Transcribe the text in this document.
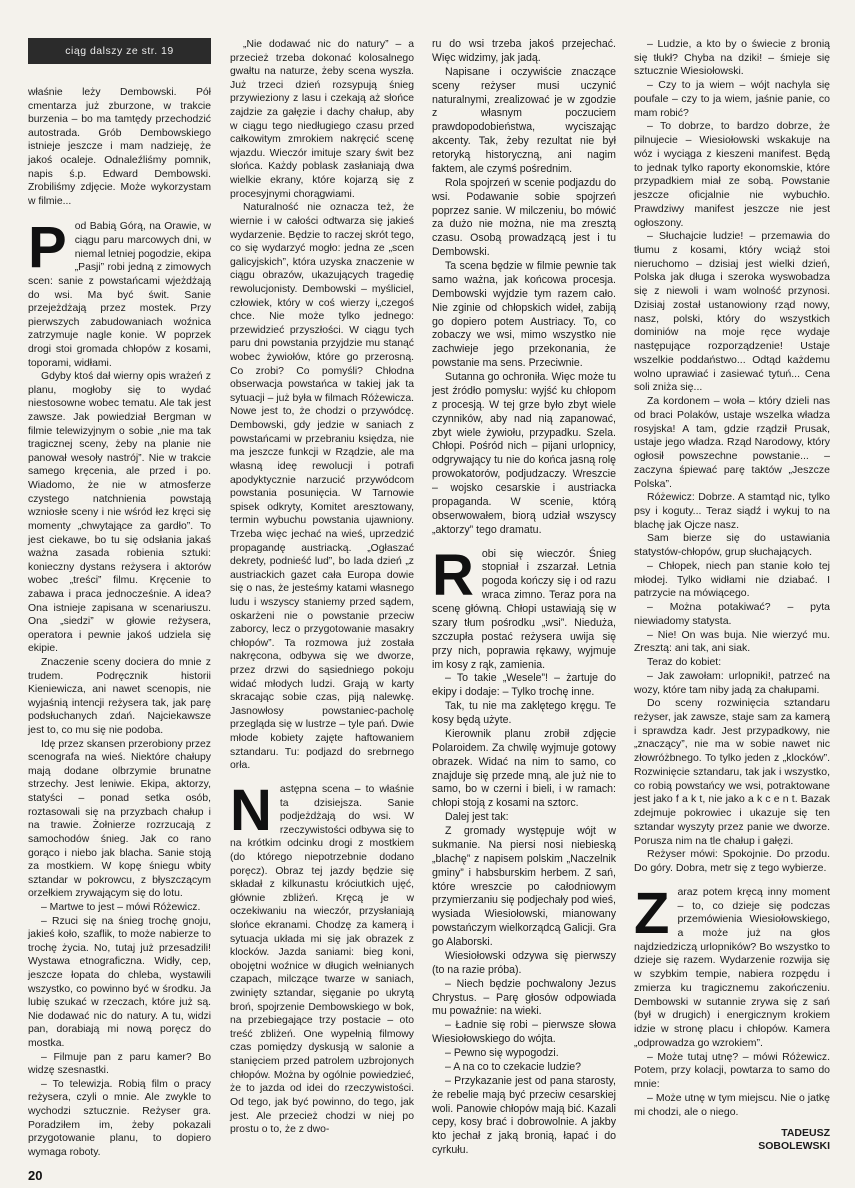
ciąg dalszy ze str. 19

właśnie leży Dembowski. Pół cmentarza już zburzone, w trakcie burzenia – bo ma tamtędy przechodzić autostrada. Grób Dembowskiego istnieje jeszcze i mam nadzieję, że jakoś ocaleje. Odnaleźliśmy pomnik, napis ś.p. Edward Dembowski. Zrobiliśmy zdjęcie. Może wykorzystam w filmie...

Pod Babią Górą, na Orawie, w ciągu paru marcowych dni, w niemal letniej pogodzie, ekipa „Pasji” robi jedną z zimowych scen: sanie z powstańcami wjeżdżają do wsi. Ma być świt. Sanie przejeżdżają przez mostek. Przy pierwszych zabudowaniach woźnica zatrzymuje nagle konie. W poprzek drogi stoi gromada chłopów z kosami, toporami, widłami.

Gdyby ktoś dał wierny opis wrażeń z planu, mogłoby się to wydać niestosowne wobec tematu. Ale tak jest zawsze. Jak powiedział Bergman w filmie telewizyjnym o sobie „nie ma tak tragicznej sceny, żeby na planie nie panował wesoły nastrój”. Nie w trakcie samego kręcenia, ale przed i po. Wiadomo, że nie w atmosferze czystego natchnienia powstają wzniosłe sceny i nie wśród łez kręci się momenty „chwytające za gardło”. To jest ciekawe, bo tu się odsłania jakaś ważna zasada robienia sztuki: konieczny dystans reżysera i aktorów wobec „treści” filmu. Kręcenie to zabawa i praca jednocześnie. A idea? Ona istnieje zapisana w scenariuszu. Ona „siedzi” w głowie reżysera, operatora i pewnie jakoś udziela się ekipie.

Znaczenie sceny dociera do mnie z trudem. Podręcznik historii Kieniewicza, ani nawet scenopis, nie wyjaśnią intencji reżysera tak, jak parę podsłuchanych zdań. Najciekawsze jest to, co mu się nie podoba.

Idę przez skansen przerobiony przez scenografa na wieś. Niektóre chałupy mają dodane olbrzymie brunatne strzechy. Jest leniwie. Ekipa, aktorzy, statyści – ponad setka osób, roztasowali się na przyzbach chałup i na trawie. Żołnierze rozrzucają z samochodów śnieg. Jak co rano gorąco i niebo jak blacha. Sanie stoją za mostkiem. W kopę śniegu wbity sztandar w pokrowcu, z błyszczącym orzełkiem zrywającym się do lotu.

– Martwe to jest – mówi Różewicz.

– Rzuci się na śnieg trochę gnoju, jakieś koło, szaflik, to może nabierze to trochę życia. No, tutaj już przesadzili! Wystawa etnograficzna. Widły, cep, jeszcze łopata do chleba, wystawili wszystko, co powinno być w środku. Ja lubię szukać w rzeczach, które już są. Nie dodawać nic do natury. A tu, widzi pan, dorabiają mi nową poręcz do mostka.

– Filmuje pan z paru kamer? Bo widzę szesnastki.

– To telewizja. Robią film o pracy reżysera, czyli o mnie. Ale zwykle to wychodzi sztucznie. Reżyser gra. Poradziłem im, żeby pokazali przygotowanie planu, to dopiero wymaga roboty.

„Nie dodawać nic do natury” – a przecież trzeba dokonać kolosalnego gwałtu na naturze, żeby scena wyszła. Już trzeci dzień rozsypują śnieg przywieziony z lasu i czekają aż słońce zajdzie za gałęzie i dachy chałup, aby w ciągu tego niedługiego czasu przed całkowitym zmrokiem nakręcić scenę wjazdu. Wieczór imituje szary świt bez słońca. Każdy poblask zasłaniają dwa wielkie ekrany, które kojarzą się z procesyjnymi chorągwiami.

Naturalność nie oznacza też, że wiernie i w całości odtwarza się jakieś wydarzenie. Będzie to raczej skrót tego, co się wydarzyć mogło: jedna ze „scen galicyjskich”, która uzyska znaczenie w ciągu obrazów, ukazujących tragedię rewolucjonisty. Dembowski – myśliciel, człowiek, który w coś wierzy i„czegoś chce. Nie może tylko jednego: przewidzieć przyszłości. W ciągu tych paru dni powstania przyjdzie mu stanąć wobec żywiołów, które go przerosną. Co zrobi? Co pomyśli? Chłodna obserwacja powstańca w takiej jak ta sytuacji – już była w filmach Różewicza. Nowe jest to, że chodzi o przywódcę. Dembowski, gdy jedzie w saniach z powstańcami w przebraniu księdza, nie ma jeszcze funkcji w Rządzie, ale ma własną ideę rewolucji i potrafi apodyktycznie narzucić przywódcom powstania posunięcia. W Tarnowie spisek odkryty, Komitet aresztowany, termin wybuchu powstania ujawniony. Trzeba więc jechać na wieś, uprzedzić propagandę austriacką. „Ogłaszać dekrety, podnieść lud”, bo lada dzień „z austriackich gazet cała Europa dowie się o nas, że jesteśmy katami własnego ludu i wszyscy staniemy przed sądem, oskarżeni nie o powstanie przeciw zaborcy, lecz o przygotowanie masakry chłopów”. Ta rozmowa już została nakręcona, odbywa się we dworze, przez drzwi do sąsiedniego pokoju widać młodych ludzi. Grają w karty skracając sobie czas, piją nalewkę. Jasnowłosy powstaniec-pacholę przegląda się w lustrze – tyle pań. Dwie młode kobiety zajęte haftowaniem sztandaru. Tu: podjazd do srebrnego orła.

Następna scena – to właśnie ta dzisiejsza. Sanie podjeżdżają do wsi. W rzeczywistości odbywa się to na krótkim odcinku drogi z mostkiem (do którego niepotrzebnie dodano poręcz). Obraz tej jazdy będzie się składał z kilkunastu króciutkich ujęć, głównie zbliżeń. Kręcą je w oczekiwaniu na wieczór, przysłaniają słońce ekranami. Chodzę za kamerą i sytuacja układa mi się jak obrazek z klocków. Jazda saniami: bieg koni, obojętni woźnice w długich wełnianych czapach, milczące twarze w saniach, zwinięty sztandar, sięganie po ukrytą broń, spojrzenie Dembowskiego w bok, na przebiegające trzy postacie – oto treść zbliżeń. One wypełnią filmowy czas pomiędzy dyskusją w salonie a stanięciem przed patrolem uzbrojonych chłopów. Można by ogólnie powiedzieć, że to jazda od idei do rzeczywistości. Od tego, jak być powinno, do tego, jak jest. Ale przecież chodzi w niej po prostu o to, że z dwo-

ru do wsi trzeba jakoś przejechać. Więc widzimy, jak jadą.

Napisane i oczywiście znaczące sceny reżyser musi uczynić naturalnymi, zrealizować je w zgodzie z własnym poczuciem prawdopodobieństwa, wyciszając akcenty. Tak, żeby rezultat nie był retoryką historyczną, ani nagim faktem, ale czymś pośrednim.

Rola spojrzeń w scenie podjazdu do wsi. Podawanie sobie spojrzeń poprzez sanie. W milczeniu, bo mówić za dużo nie można, nie ma zresztą czasu. Osobą prowadzącą jest i tu Dembowski.

Ta scena będzie w filmie pewnie tak samo ważna, jak końcowa procesja. Dembowski wyjdzie tym razem cało. Nie zginie od chłopskich wideł, zabiją go dopiero potem Austriacy. To, co zobaczy we wsi, mimo wszystko nie zachwieje jego przekonania, że powstanie ma sens. Przeciwnie.

Sutanna go ochroniła. Więc może tu jest źródło pomysłu: wyjść ku chłopom z procesją. W tej grze było zbyt wiele czynników, aby nad nią zapanować, zbyt wiele żywiołu, przypadku. Szela. Chłopi. Pośród nich – pijani urlopnicy, odgrywający tu nie do końca jasną rolę prowokatorów, podjudzaczy. Wreszcie – wojsko cesarskie i austriacka propaganda. W scenie, którą obserwowałem, biorą udział wszyscy „aktorzy” tego dramatu.

Robi się wieczór. Śnieg stopniał i zszarzał. Letnia pogoda kończy się i od razu wraca zimno. Teraz pora na scenę główną. Chłopi ustawiają się w szary tłum pośrodku „wsi”. Nieduża, szczupła postać reżysera uwija się przy nich, poprawia rękawy, wyjmuje im kosy z rąk, zamienia.

– To takie „Wesele”! – żartuje do ekipy i dodaje: – Tylko trochę inne.

Tak, tu nie ma zaklętego kręgu. Te kosy będą użyte.

Kierownik planu zrobił zdjęcie Polaroidem. Za chwilę wyjmuje gotowy obrazek. Widać na nim to samo, co znajduje się przede mną, ale już nie to samo, bo w czerni i bieli, i w ramach: chłopi stoją z kosami na sztorc.

Dalej jest tak:

Z gromady występuje wójt w sukmanie. Na piersi nosi niebieską „blachę” z napisem polskim „Naczelnik gminy” i habsburskim herbem. Z sań, które wreszcie po całodniowym przymierzaniu się podjechały pod wieś, wysiada Wiesiołowski, mianowany powstańczym wielkorządcą Galicji. Gra go Alaborski.

Wiesiołowski odzywa się pierwszy (to na razie próba).

– Niech będzie pochwalony Jezus Chrystus. – Parę głosów odpowiada mu powaźnie: na wieki.

– Ładnie się robi – pierwsze słowa Wiesiołowskiego do wójta.

– Pewno się wypogodzi.

– A na co to czekacie ludzie?

– Przykazanie jest od pana starosty, że rebelie mają być przeciw cesarskiej woli. Panowie chłopów mają bić. Kazali cepy, kosy brać i dobrowolnie. A jakby kto jechał z jaką bronią, łapać i do cyrkułu.

– Ludzie, a kto by o świecie z bronią się tłukł? Chyba na dziki! – śmieje się sztucznie Wiesiołowski.

– Czy to ja wiem – wójt nachyla się poufale – czy to ja wiem, jaśnie panie, co mam robić?

– To dobrze, to bardzo dobrze, że pilnujecie – Wiesiołowski wskakuje na wóz i wyciąga z kieszeni manifest. Będą to jednak tylko raporty ekonomskie, które przypadkiem miał ze sobą. Powstanie jeszcze oficjalnie nie wybuchło. Prawdziwy manifest jeszcze nie jest ogłoszony.

– Słuchajcie ludzie! – przemawia do tłumu z kosami, który wciąż stoi nieruchomo – dzisiaj jest wielki dzień, Polska jak długa i szeroka wyswobadza się z niewoli i wam wolność przynosi. Dzisiaj został ustanowiony rząd nowy, nasz, polski, który do wszystkich dominiów na moje ręce wydaje następujące rozporządzenie! Ustaje wszelkie poddaństwo... Odtąd każdemu wolno uprawiać i zasiewać tytuń... Cena soli zniża się...

Za kordonem – woła – który dzieli nas od braci Polaków, ustaje wszelka władza rosyjska! A tam, gdzie rządził Prusak, ustaje jego władza. Rząd Narodowy, który ogłosił powszechne powstanie... – zaczyna śpiewać parę taktów „Jeszcze Polska”.

Różewicz: Dobrze. A stamtąd nic, tylko psy i koguty... Teraz siądź i wykuj to na blachę jak Ojcze nasz.

Sam bierze się do ustawiania statystów-chłopów, grup słuchających.

– Chłopek, niech pan stanie koło tej młodej. Tylko widłami nie dziabać. I patrzycie na mówiącego.

– Można potakiwać? – pyta niewiadomy statysta.

– Nie! On was buja. Nie wierzyć mu. Zresztą: ani tak, ani siak.

Teraz do kobiet:

– Jak zawołam: urlopniki!, patrzeć na wozy, które tam niby jadą za chałupami.

Do sceny rozwinięcia sztandaru reżyser, jak zawsze, staje sam za kamerą i sprawdza kadr. Jest przypadkowy, nie „znaczący”, nie ma w sobie nawet nic złowróżbnego. To tylko jeden z „klocków”. Rozwinięcie sztandaru, tak jak i wszystko, co robią powstańcy we wsi, potraktowane jest jako f a k t, nie jako a k c e n t. Bazak zdejmuje pokrowiec i ukazuje się ten sztandar wyszyty przez panie we dworze. Porusza nim na tle chałup i gałęzi.

Reżyser mówi: Spokojnie. Do przodu. Do góry. Dobra, metr się z tego wybierze.

Zaraz potem kręcą inny moment – to, co dzieje się podczas przemówienia Wiesiołowskiego, a może już na głos najdziedziczą urlopników? Bo wszystko to dzieje się razem. Wydarzenie rozwija się w szybkim tempie, nabiera rozpędu i zmierza ku tragicznemu zakończeniu. Dembowski w sutannie zrywa się z sań (był w drugich) i energicznym krokiem idzie w stronę placu i chłopów. Kamera „odprowadza go wzrokiem”.

– Może tutaj utnę? – mówi Różewicz. Potem, przy kolacji, powtarza to samo do mnie:

– Może utnę w tym miejscu. Nie o jatkę mi chodzi, ale o niego.

TADEUSZ
SOBOLEWSKI
20
